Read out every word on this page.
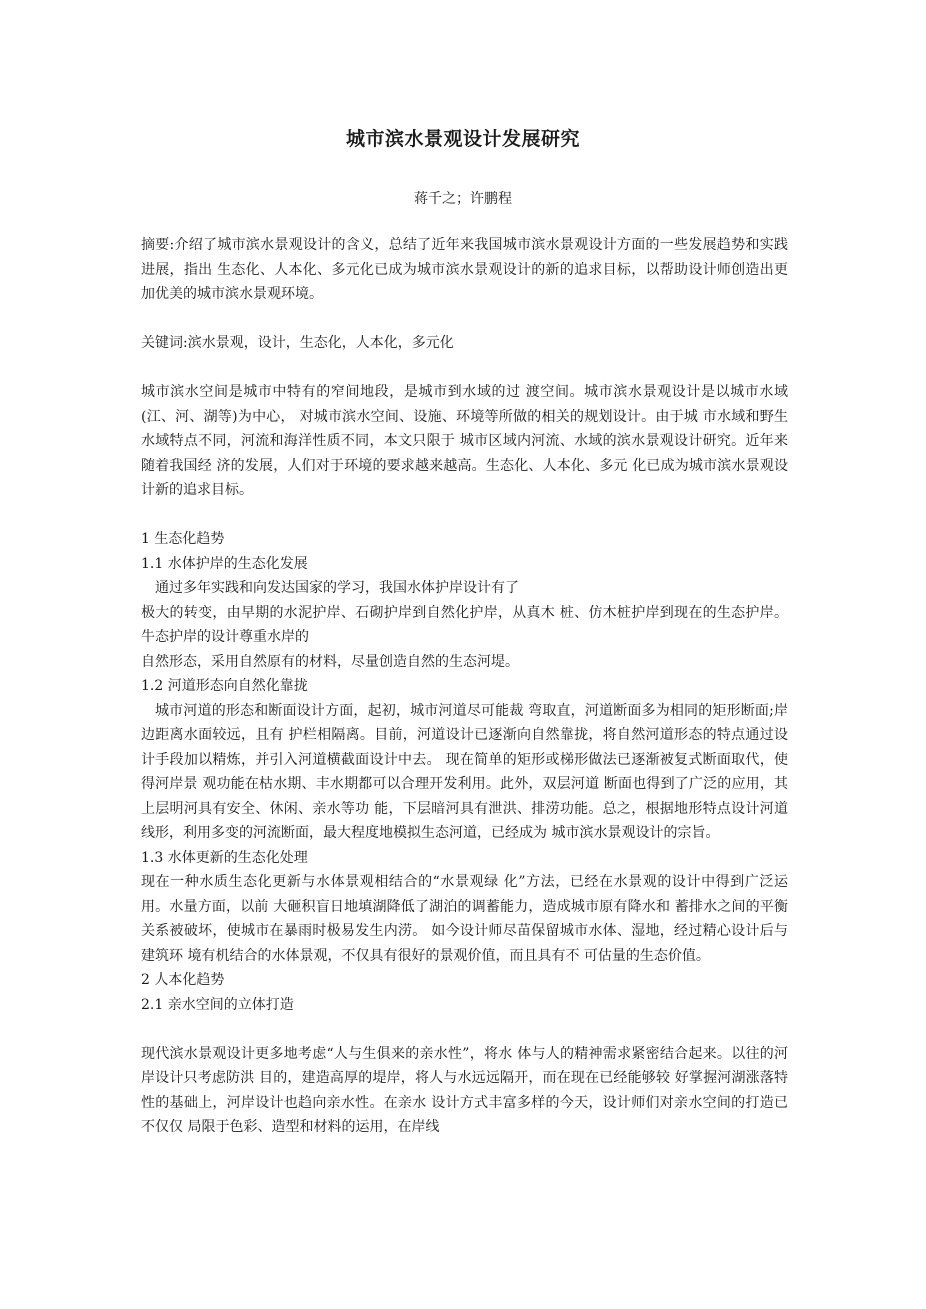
城市滨水景观设计发展研究
蒋千之；许鹏程

摘要:介绍了城市滨水景观设计的含义，总结了近年来我国城市滨水景观设计方面的一些发展趋势和实践进展，指出 生态化、人本化、多元化已成为城市滨水景观设计的新的追求目标，以帮助设计师创造出更加优美的城市滨水景观环境。

关键词:滨水景观，设计，生态化，人本化，多元化

城市滨水空间是城市中特有的窄间地段，是城市到水域的过 渡空间。城市滨水景观设计是以城市水域(江、河、湖等)为中心， 对城市滨水空间、设施、环境等所做的相关的规划设计。由于城 市水域和野生水域特点不同，河流和海洋性质不同，本文只限于 城市区域内河流、水域的滨水景观设计研究。近年来随着我国经 济的发展，人们对于环境的要求越来越高。生态化、人本化、多元 化已成为城市滨水景观设计新的追求目标。

1 生态化趋势

1.1 水体护岸的生态化发展

通过多年实践和向发达国家的学习，我国水体护岸设计有了

极大的转变，由早期的水泥护岸、石砌护岸到自然化护岸，从真木 桩、仿木桩护岸到现在的生态护岸。牛态护岸的设计尊重水岸的

自然形态，采用自然原有的材料，尽量创造自然的生态河堤。

1.2 河道形态向自然化靠拢

城市河道的形态和断面设计方面，起初，城市河道尽可能裁 弯取直，河道断面多为相同的矩形断面;岸边距离水面较远，且有 护栏相隔离。目前，河道设计已逐渐向自然靠拢，将自然河道形态的特点通过设计手段加以精炼，并引入河道横截面设计中去。 现在简单的矩形或梯形做法已逐渐被复式断面取代，使得河岸景 观功能在枯水期、丰水期都可以合理开发利用。此外，双层河道 断面也得到了广泛的应用，其上层明河具有安全、休闲、亲水等功 能，下层暗河具有泄洪、排涝功能。总之，根据地形特点设计河道 线形，利用多变的河流断面，最大程度地模拟生态河道，已经成为 城市滨水景观设计的宗旨。

1.3 水体更新的生态化处理

现在一种水质生态化更新与水体景观相结合的“水景观绿 化”方法，已经在水景观的设计中得到广泛运用。水量方面，以前 大砸积盲日地填湖降低了湖泊的调蓄能力，造成城市原有降水和 蓄排水之间的平衡关系被破坏，使城市在暴雨时极易发生内涝。 如今设计师尽苗保留城市水体、湿地，经过精心设计后与建筑环 境有机结合的水体景观，不仅具有很好的景观价值，而且具有不 可估量的生态价值。

2 人本化趋势

2.1 亲水空间的立体打造

现代滨水景观设计更多地考虑“人与生俱来的亲水性”，将水 体与人的精神需求紧密结合起来。以往的河岸设计只考虑防洪 目的，建造高厚的堤岸，将人与水远远隔开，而在现在已经能够较 好掌握河湖涨落特性的基础上，河岸设计也趋向亲水性。在亲水 设计方式丰富多样的今天，设计师们对亲水空间的打造已不仅仅 局限于色彩、造型和材料的运用，在岸线
